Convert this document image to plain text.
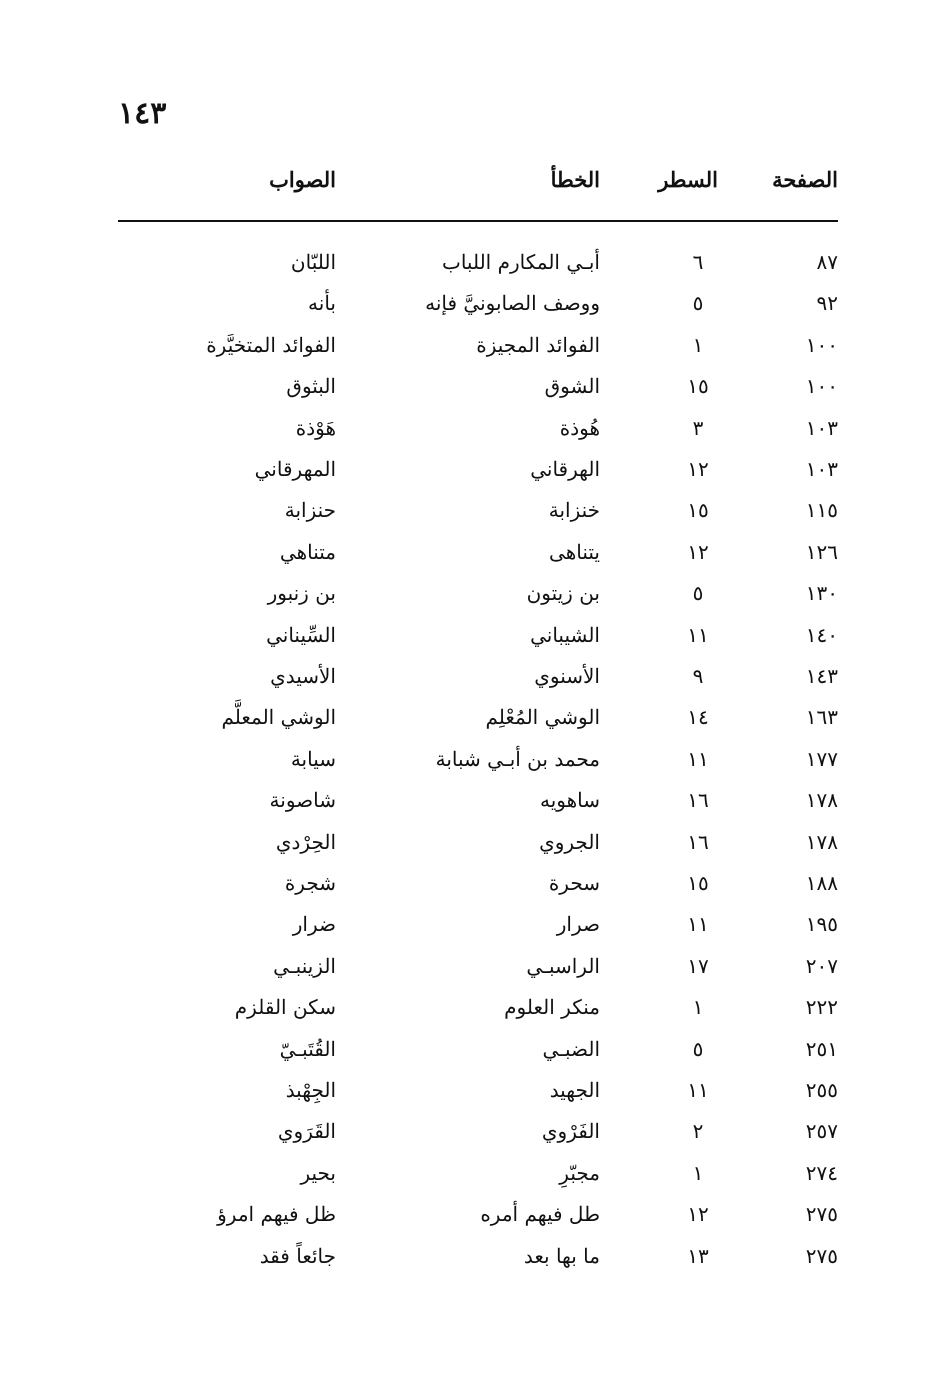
١٤٣
الصفحة
السطر
الخطأ
الصواب
٨٧
٦
أبـي المكارم اللباب
اللبّان
٩٢
٥
ووصف الصابونيَّ فإنه
بأنه
١٠٠
١
الفوائد المجيزة
الفوائد المتخيَّرة
١٠٠
١٥
الشوق
البثوق
١٠٣
٣
هُوذة
هَوْذة
١٠٣
١٢
الهرقاني
المهرقاني
١١٥
١٥
خنزابة
حنزابة
١٢٦
١٢
يتناهى
متناهي
١٣٠
٥
بن زيتون
بن زنبور
١٤٠
١١
الشيباني
السِّيناني
١٤٣
٩
الأسنوي
الأسيدي
١٦٣
١٤
الوشي المُعْلِم
الوشي المعلَّم
١٧٧
١١
محمد بن أبـي شبابة
سيابة
١٧٨
١٦
ساهويه
شاصونة
١٧٨
١٦
الجروي
الحِرْدي
١٨٨
١٥
سحرة
شجرة
١٩٥
١١
صرار
ضرار
٢٠٧
١٧
الراسبـي
الزينبـي
٢٢٢
١
منكر العلوم
سكن القلزم
٢٥١
٥
الضبـي
القُتَبـيّ
٢٥٥
١١
الجهيد
الجِهْبذ
٢٥٧
٢
الفَرْوي
القَرَوي
٢٧٤
١
مجبّرِ
بحير
٢٧٥
١٢
طل فيهم أمره
ظل فيهم امرؤ
٢٧٥
١٣
ما بها بعد
جائعاً فقد
